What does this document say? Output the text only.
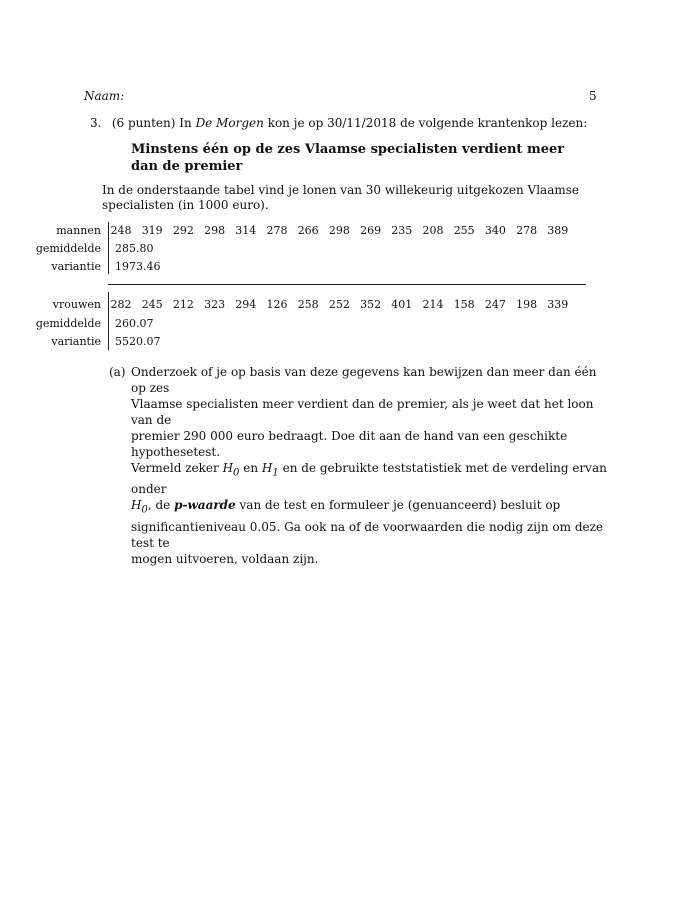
Naam:	5
3. (6 punten) In De Morgen kon je op 30/11/2018 de volgende krantenkop lezen:
Minstens één op de zes Vlaamse specialisten verdient meer dan de premier
In de onderstaande tabel vind je lonen van 30 willekeurig uitgekozen Vlaamse specialisten (in 1000 euro).
mannen 248 319 292 298 314 278 266 298 269 235 208 255 340 278 389
gemiddelde 285.80
variantie 1973.46
vrouwen 282 245 212 323 294 126 258 252 352 401 214 158 247 198 339
gemiddelde 260.07
variantie 5520.07
(a) Onderzoek of je op basis van deze gegevens kan bewijzen dan meer dan één op zes

Vlaamse specialisten meer verdient dan de premier, als je weet dat het loon van de

premier 290 000 euro bedraagt. Doe dit aan de hand van een geschikte hypothesetest.

Vermeld zeker $H_0$ en $H_1$ en de gebruikte teststatistiek met de verdeling ervan onder

$H_0$, de p-waarde van de test en formuleer je (genuanceerd) besluit op

significantieniveau 0.05. Ga ook na of de voorwaarden die nodig zijn om deze test te

mogen uitvoeren, voldaan zijn.
